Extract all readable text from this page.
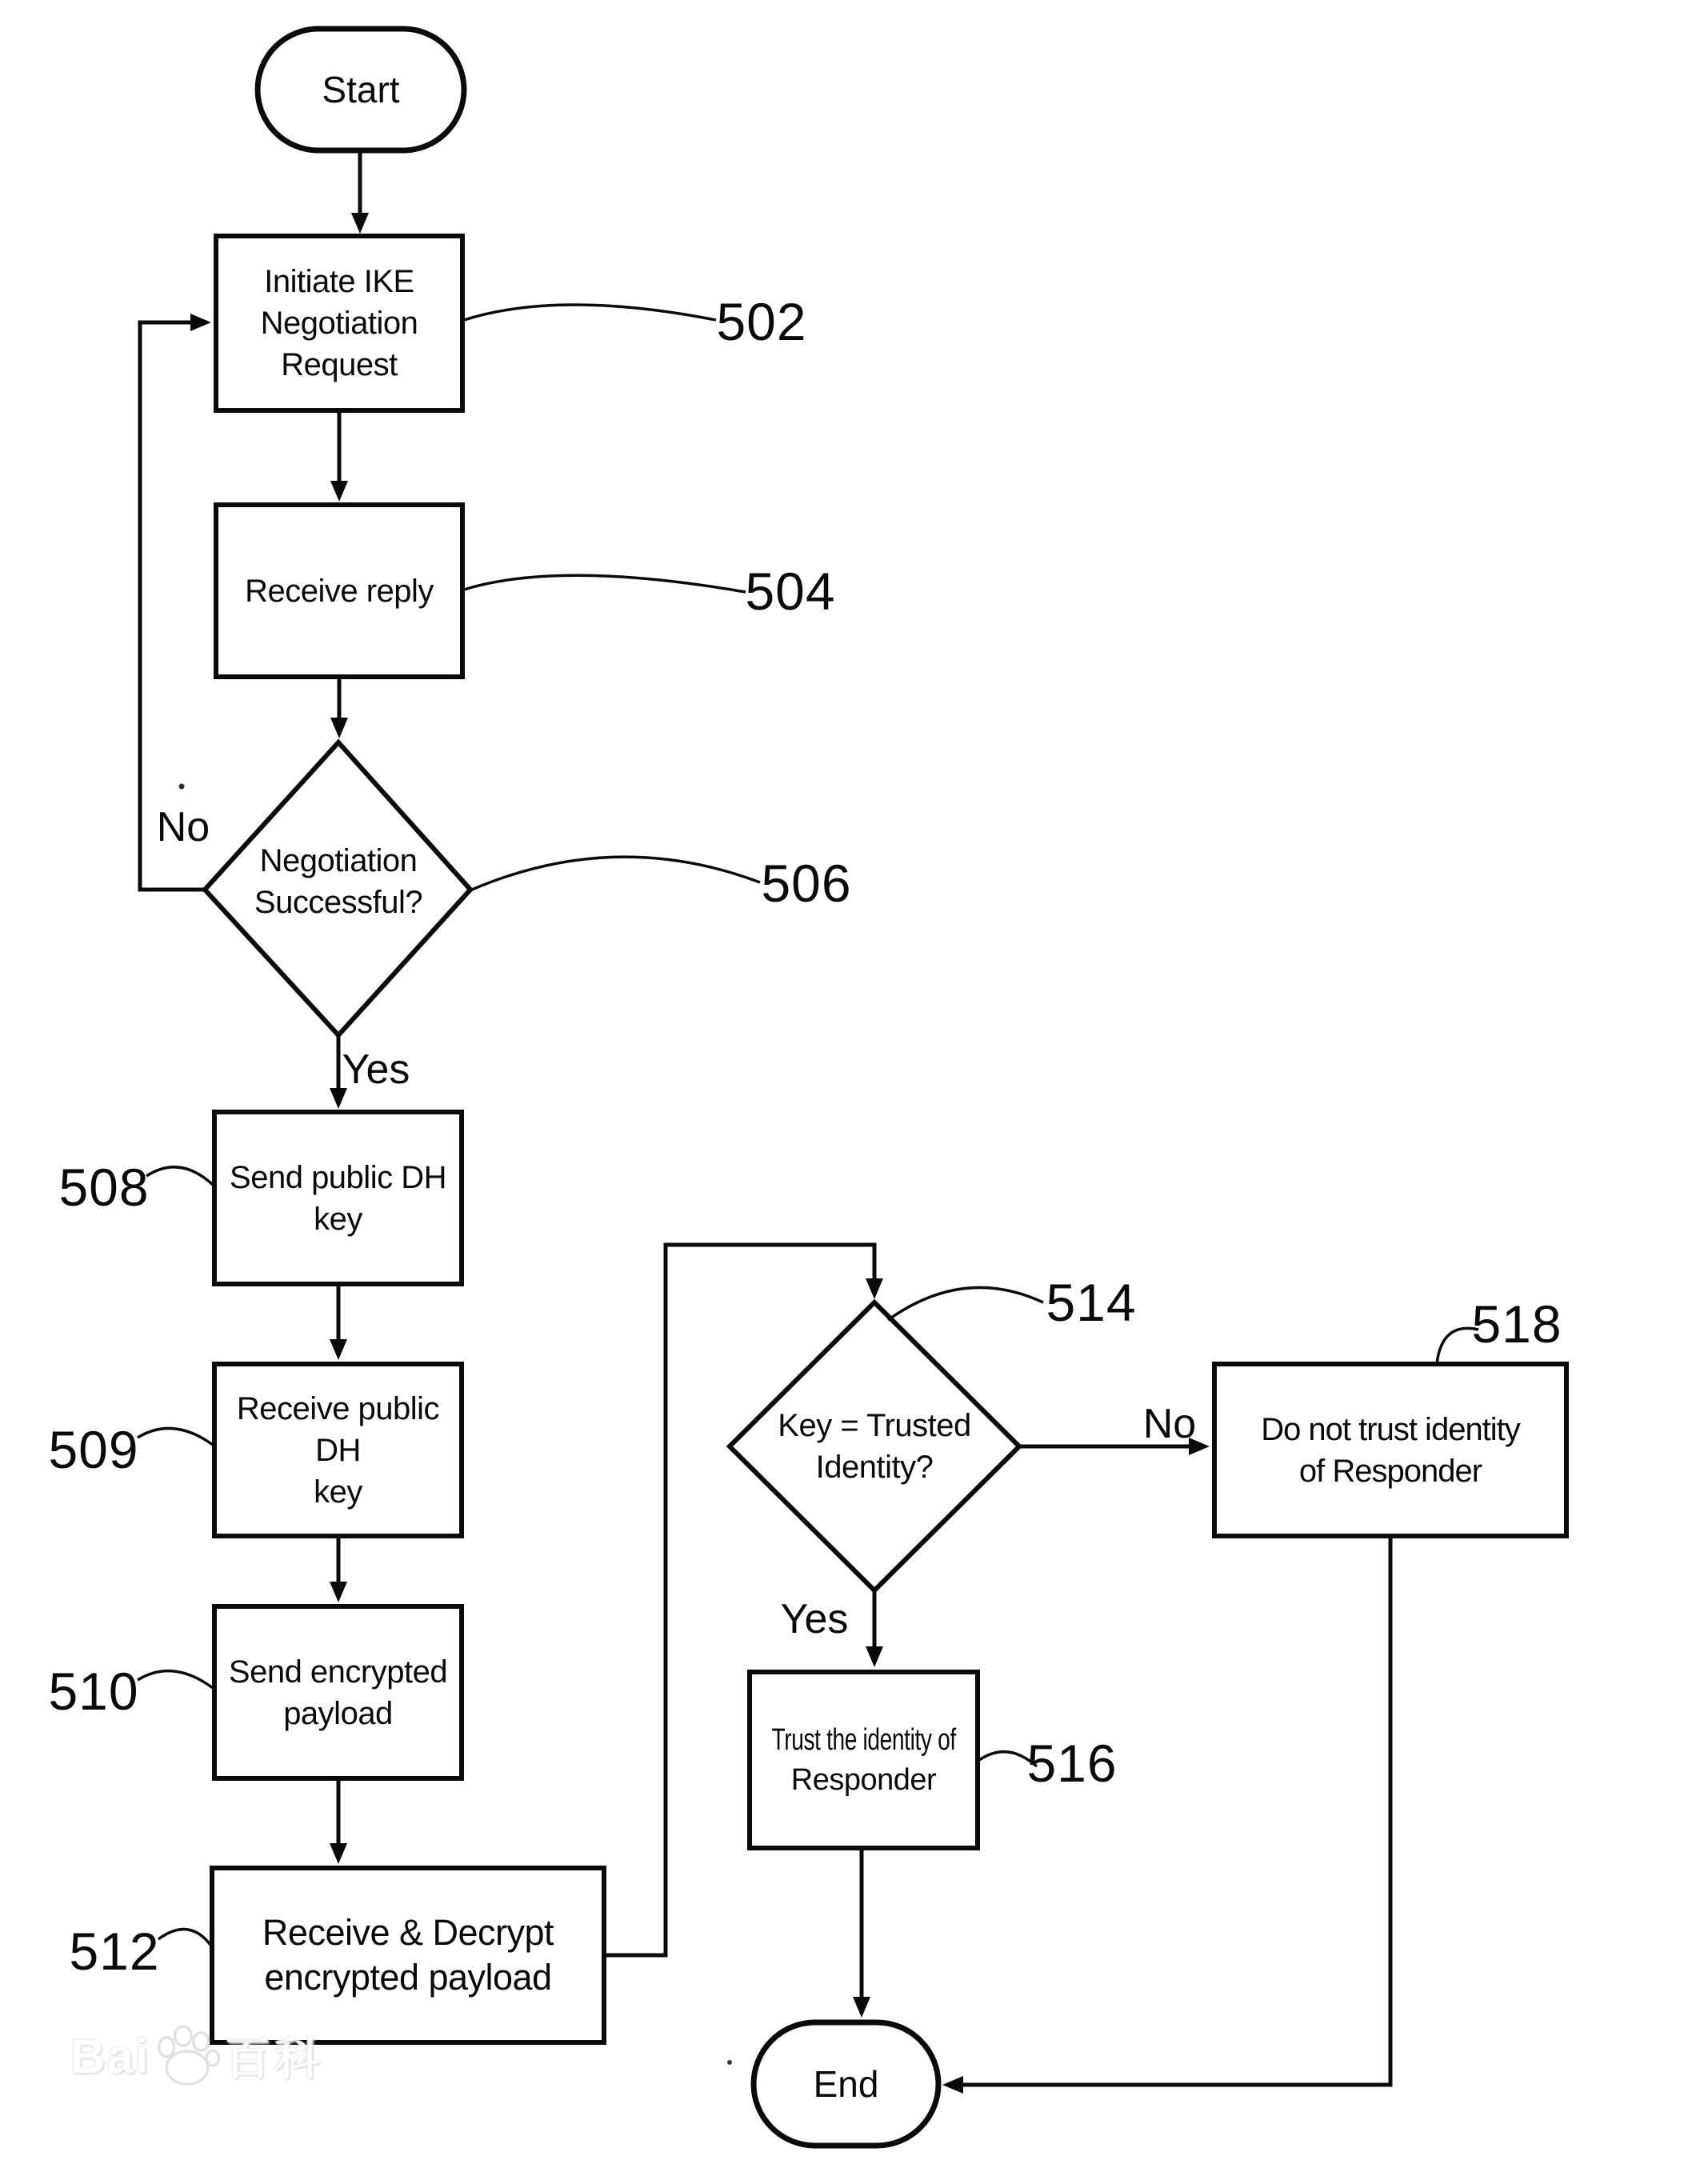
Start
Initiate IKE
Negotiation
Request
Receive reply
Negotiation
Successful?
Send public DH
key
Receive public DH
key
Send encrypted
payload
Receive & Decrypt
encrypted payload
Key = Trusted
Identity?
Trust the identity of
Responder
Do not trust identity
of Responder
End
502
504
506
508
509
510
512
514
516
518
No
Yes
No
Yes
Bai 百科
